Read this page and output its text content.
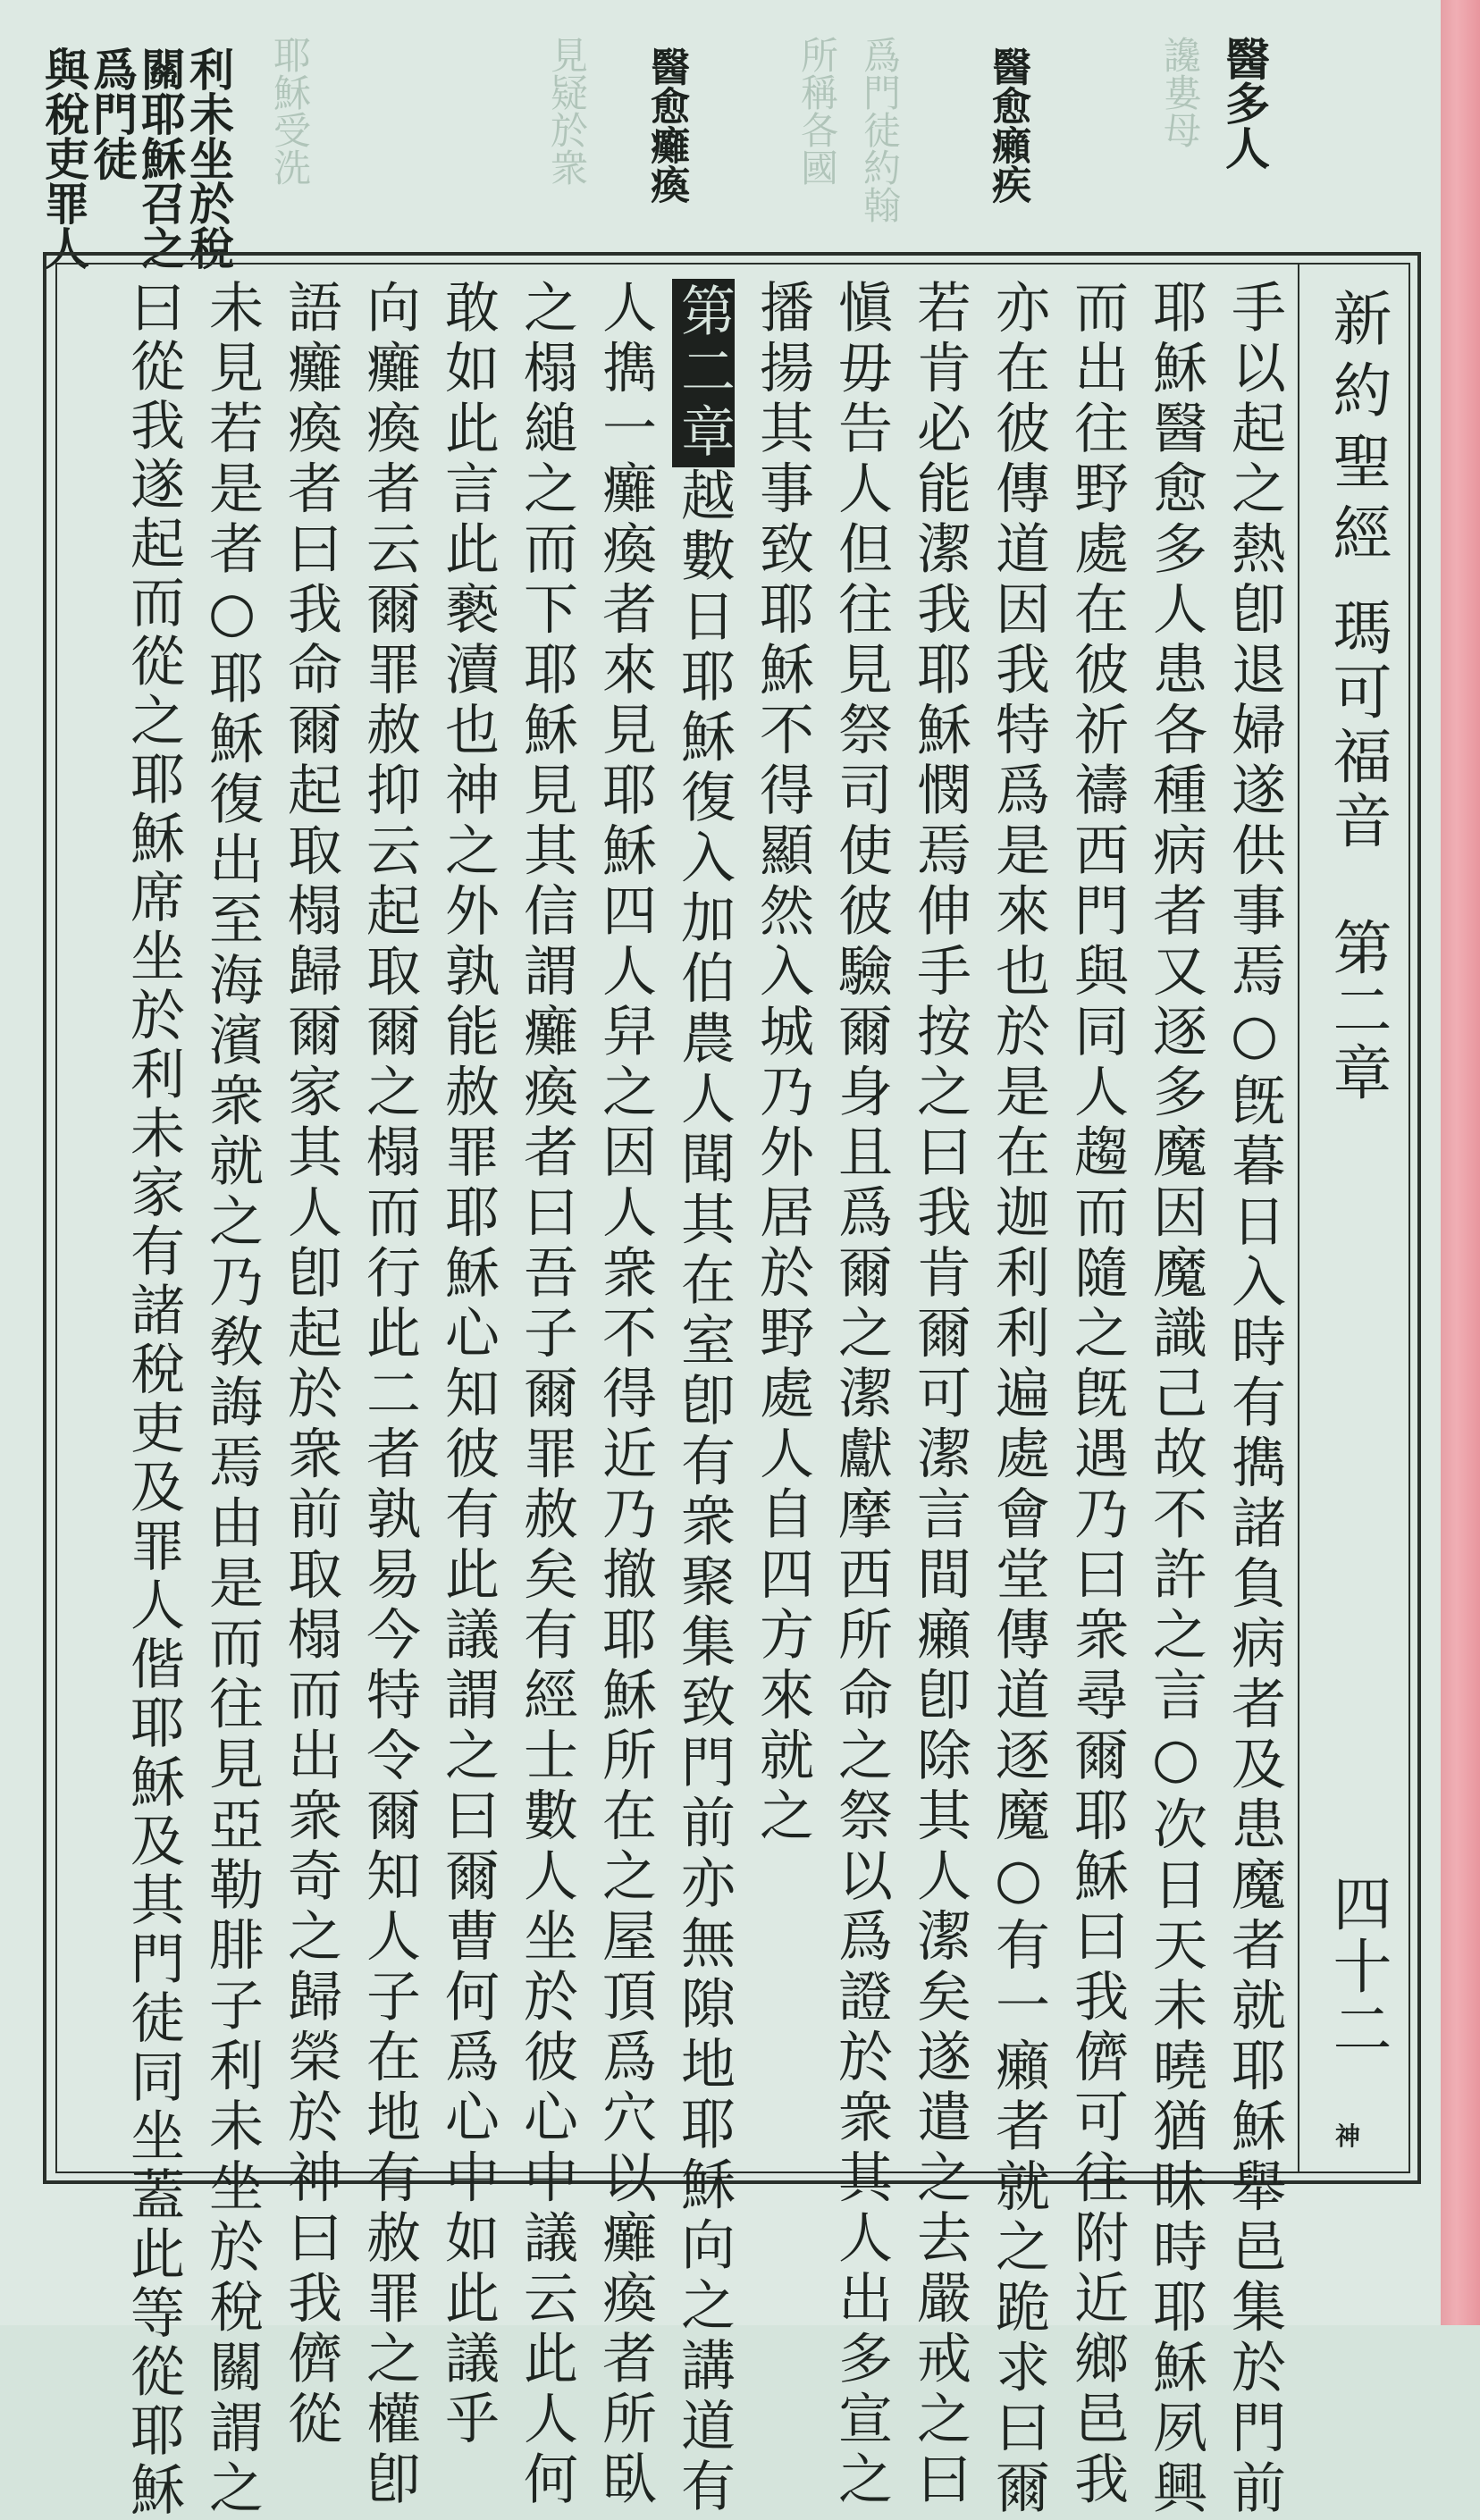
讒婁母
爲門徒約翰
所稱各國
見疑於衆
耶穌受洗	醫多人
醫愈癩疾
醫愈癱瘓
利未坐於稅
關耶穌召之
爲門徒
與稅吏罪人
新約聖經
瑪可福音
第二章
四十二
神
手以起之熱卽退婦遂供事焉○旣暮日入時有擕諸負病者及患魔者就耶穌舉邑集於門前
耶穌醫愈多人患各種病者又逐多魔因魔識己故不許之言○次日天未曉猶昧時耶穌夙興
而出往野處在彼祈禱西門與同人趨而隨之旣遇乃曰衆尋爾耶穌曰我儕可往附近鄉邑我
亦在彼傳道因我特爲是來也於是在迦利利遍處會堂傳道逐魔○有一癩者就之跪求曰爾
若肯必能潔我耶穌憫焉伸手按之曰我肯爾可潔言間癩卽除其人潔矣遂遣之去嚴戒之曰
愼毋告人但往見祭司使彼驗爾身且爲爾之潔獻摩西所命之祭以爲證於衆其人出多宣之
播揚其事致耶穌不得顯然入城乃外居於野處人自四方來就之
第二章越數日耶穌復入加伯農人聞其在室卽有衆聚集致門前亦無隙地耶穌向之講道有
人擕一癱瘓者來見耶穌四人舁之因人衆不得近乃撤耶穌所在之屋頂爲穴以癱瘓者所臥
之榻縋之而下耶穌見其信謂癱瘓者曰吾子爾罪赦矣有經士數人坐於彼心中議云此人何
敢如此言此褻瀆也神之外孰能赦罪耶穌心知彼有此議謂之曰爾曹何爲心中如此議乎
向癱瘓者云爾罪赦抑云起取爾之榻而行此二者孰易今特令爾知人子在地有赦罪之權卽
語癱瘓者曰我命爾起取榻歸爾家其人卽起於衆前取榻而出衆奇之歸榮於神曰我儕從
未見若是者○耶穌復出至海濱衆就之乃敎誨焉由是而往見亞勒腓子利未坐於稅關謂之
曰從我遂起而從之耶穌席坐於利未家有諸稅吏及罪人偕耶穌及其門徒同坐蓋此等從耶穌
